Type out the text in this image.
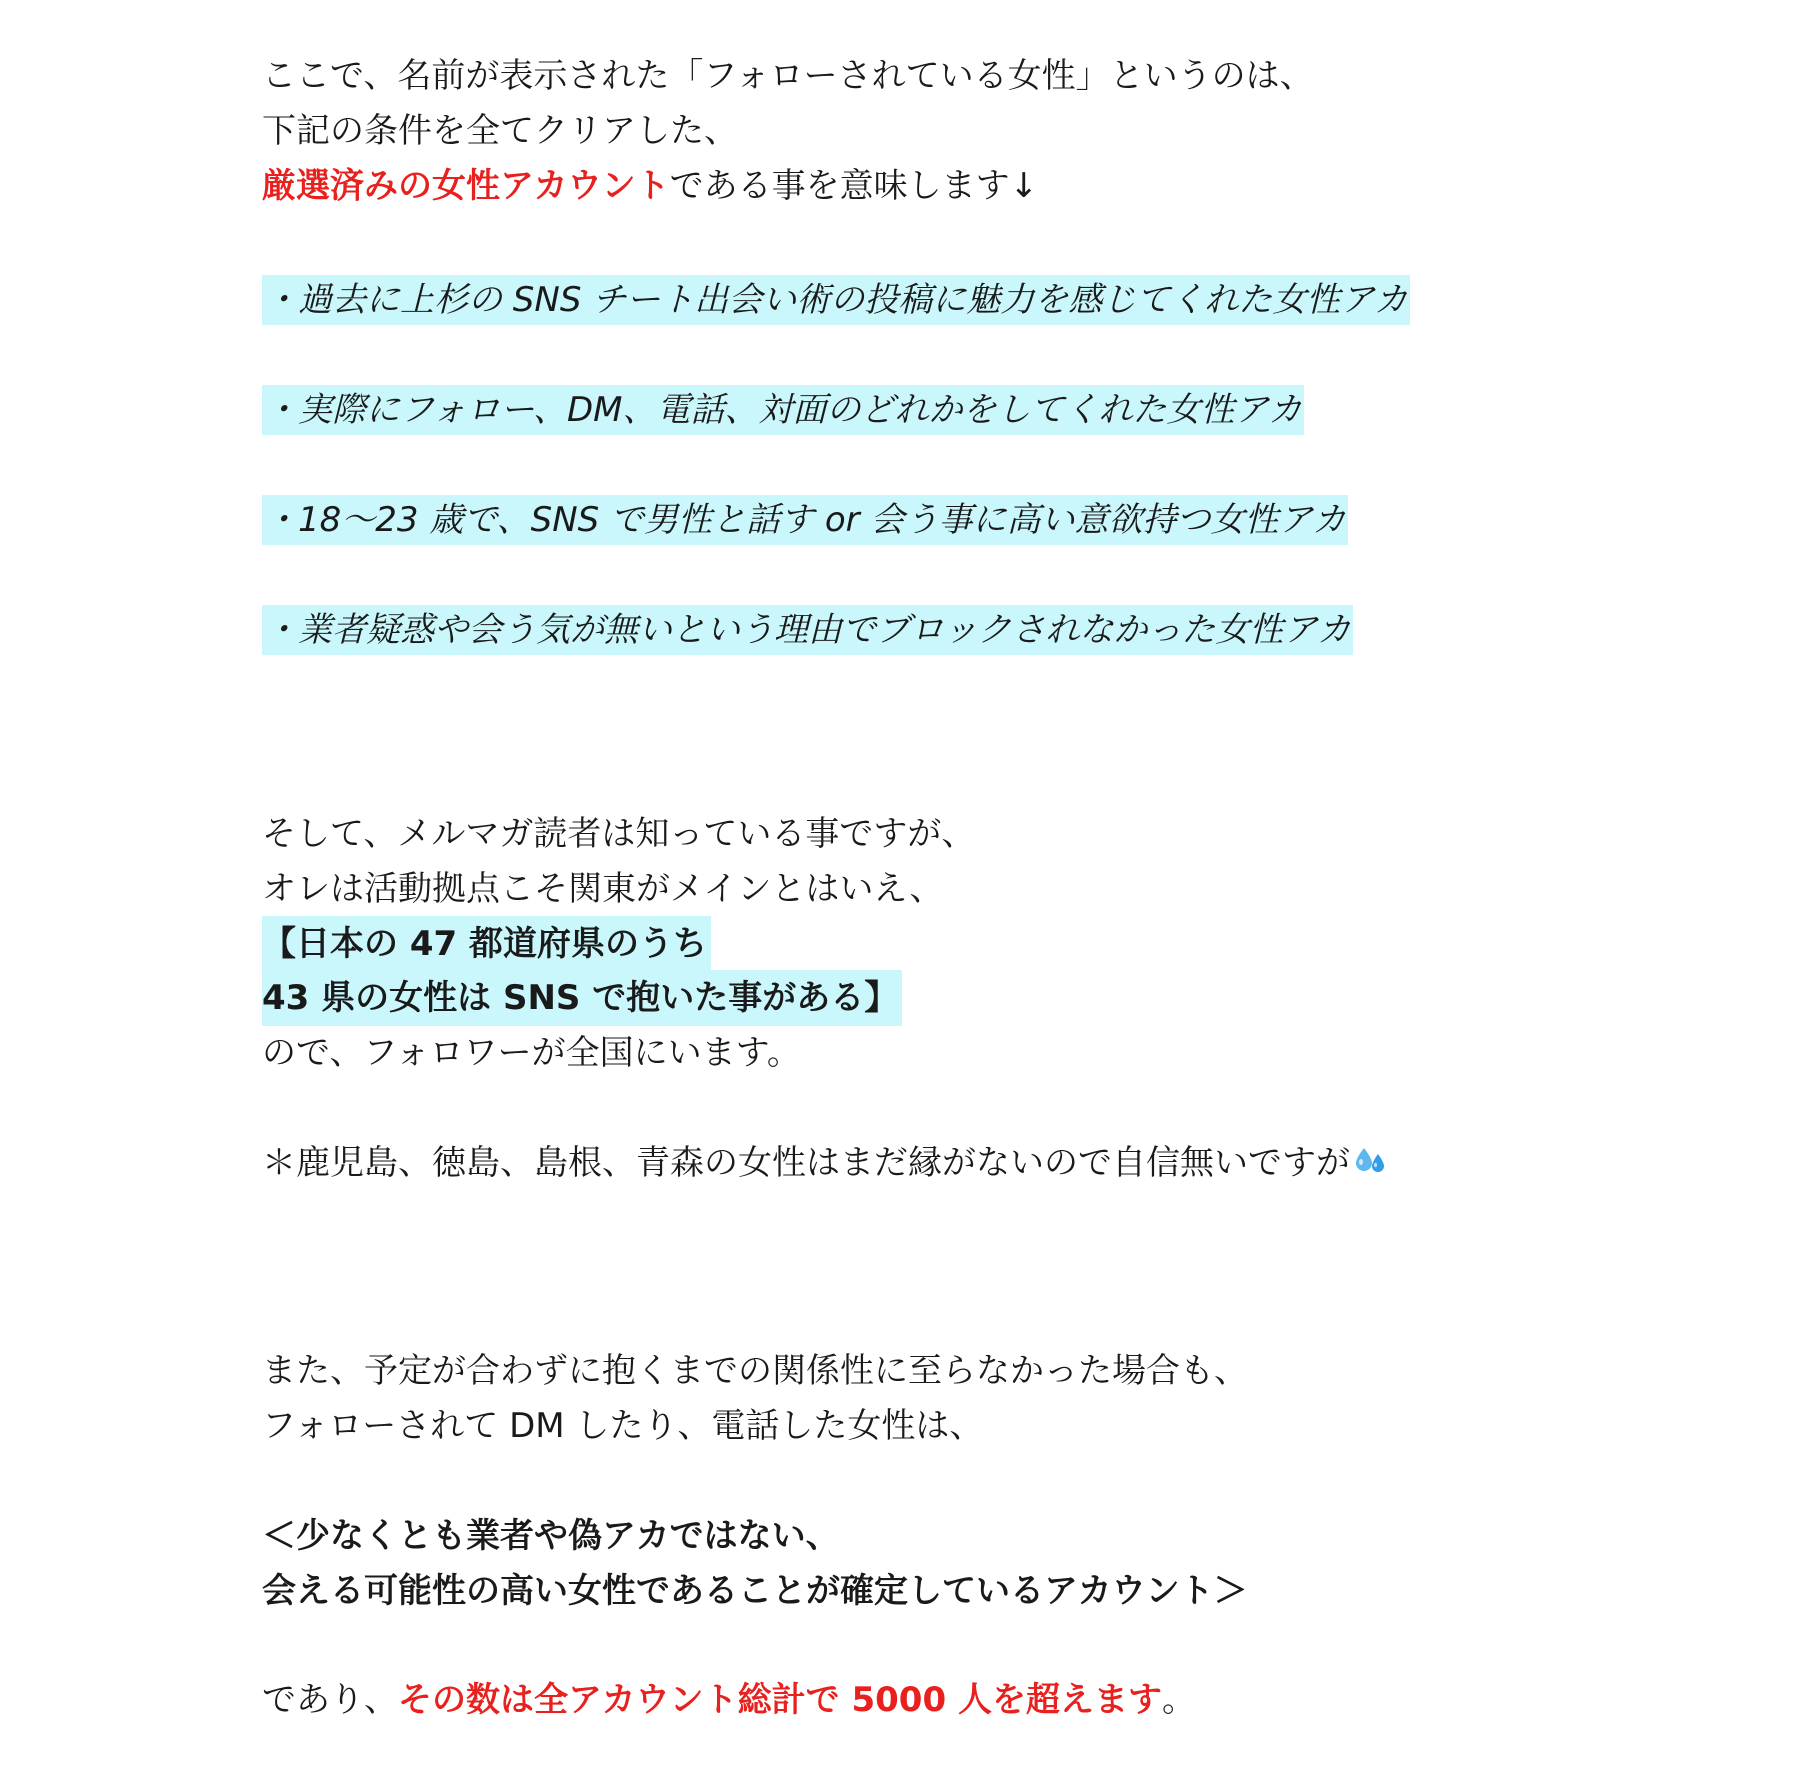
ここで、名前が表示された「フォローされている女性」というのは、
下記の条件を全てクリアした、
厳選済みの女性アカウントである事を意味します↓
・過去に上杉の SNS チート出会い術の投稿に魅力を感じてくれた女性アカ
・実際にフォロー、DM、電話、対面のどれかをしてくれた女性アカ
・18～23 歳で、SNS で男性と話す or 会う事に高い意欲持つ女性アカ
・業者疑惑や会う気が無いという理由でブロックされなかった女性アカ
そして、メルマガ読者は知っている事ですが、
オレは活動拠点こそ関東がメインとはいえ、
【日本の 47 都道府県のうち
43 県の女性は SNS で抱いた事がある】
ので、フォロワーが全国にいます。
＊鹿児島、徳島、島根、青森の女性はまだ縁がないので自信無いですが
また、予定が合わずに抱くまでの関係性に至らなかった場合も、
フォローされて DM したり、電話した女性は、
＜少なくとも業者や偽アカではない、
会える可能性の高い女性であることが確定しているアカウント＞
であり、その数は全アカウント総計で 5000 人を超えます。
